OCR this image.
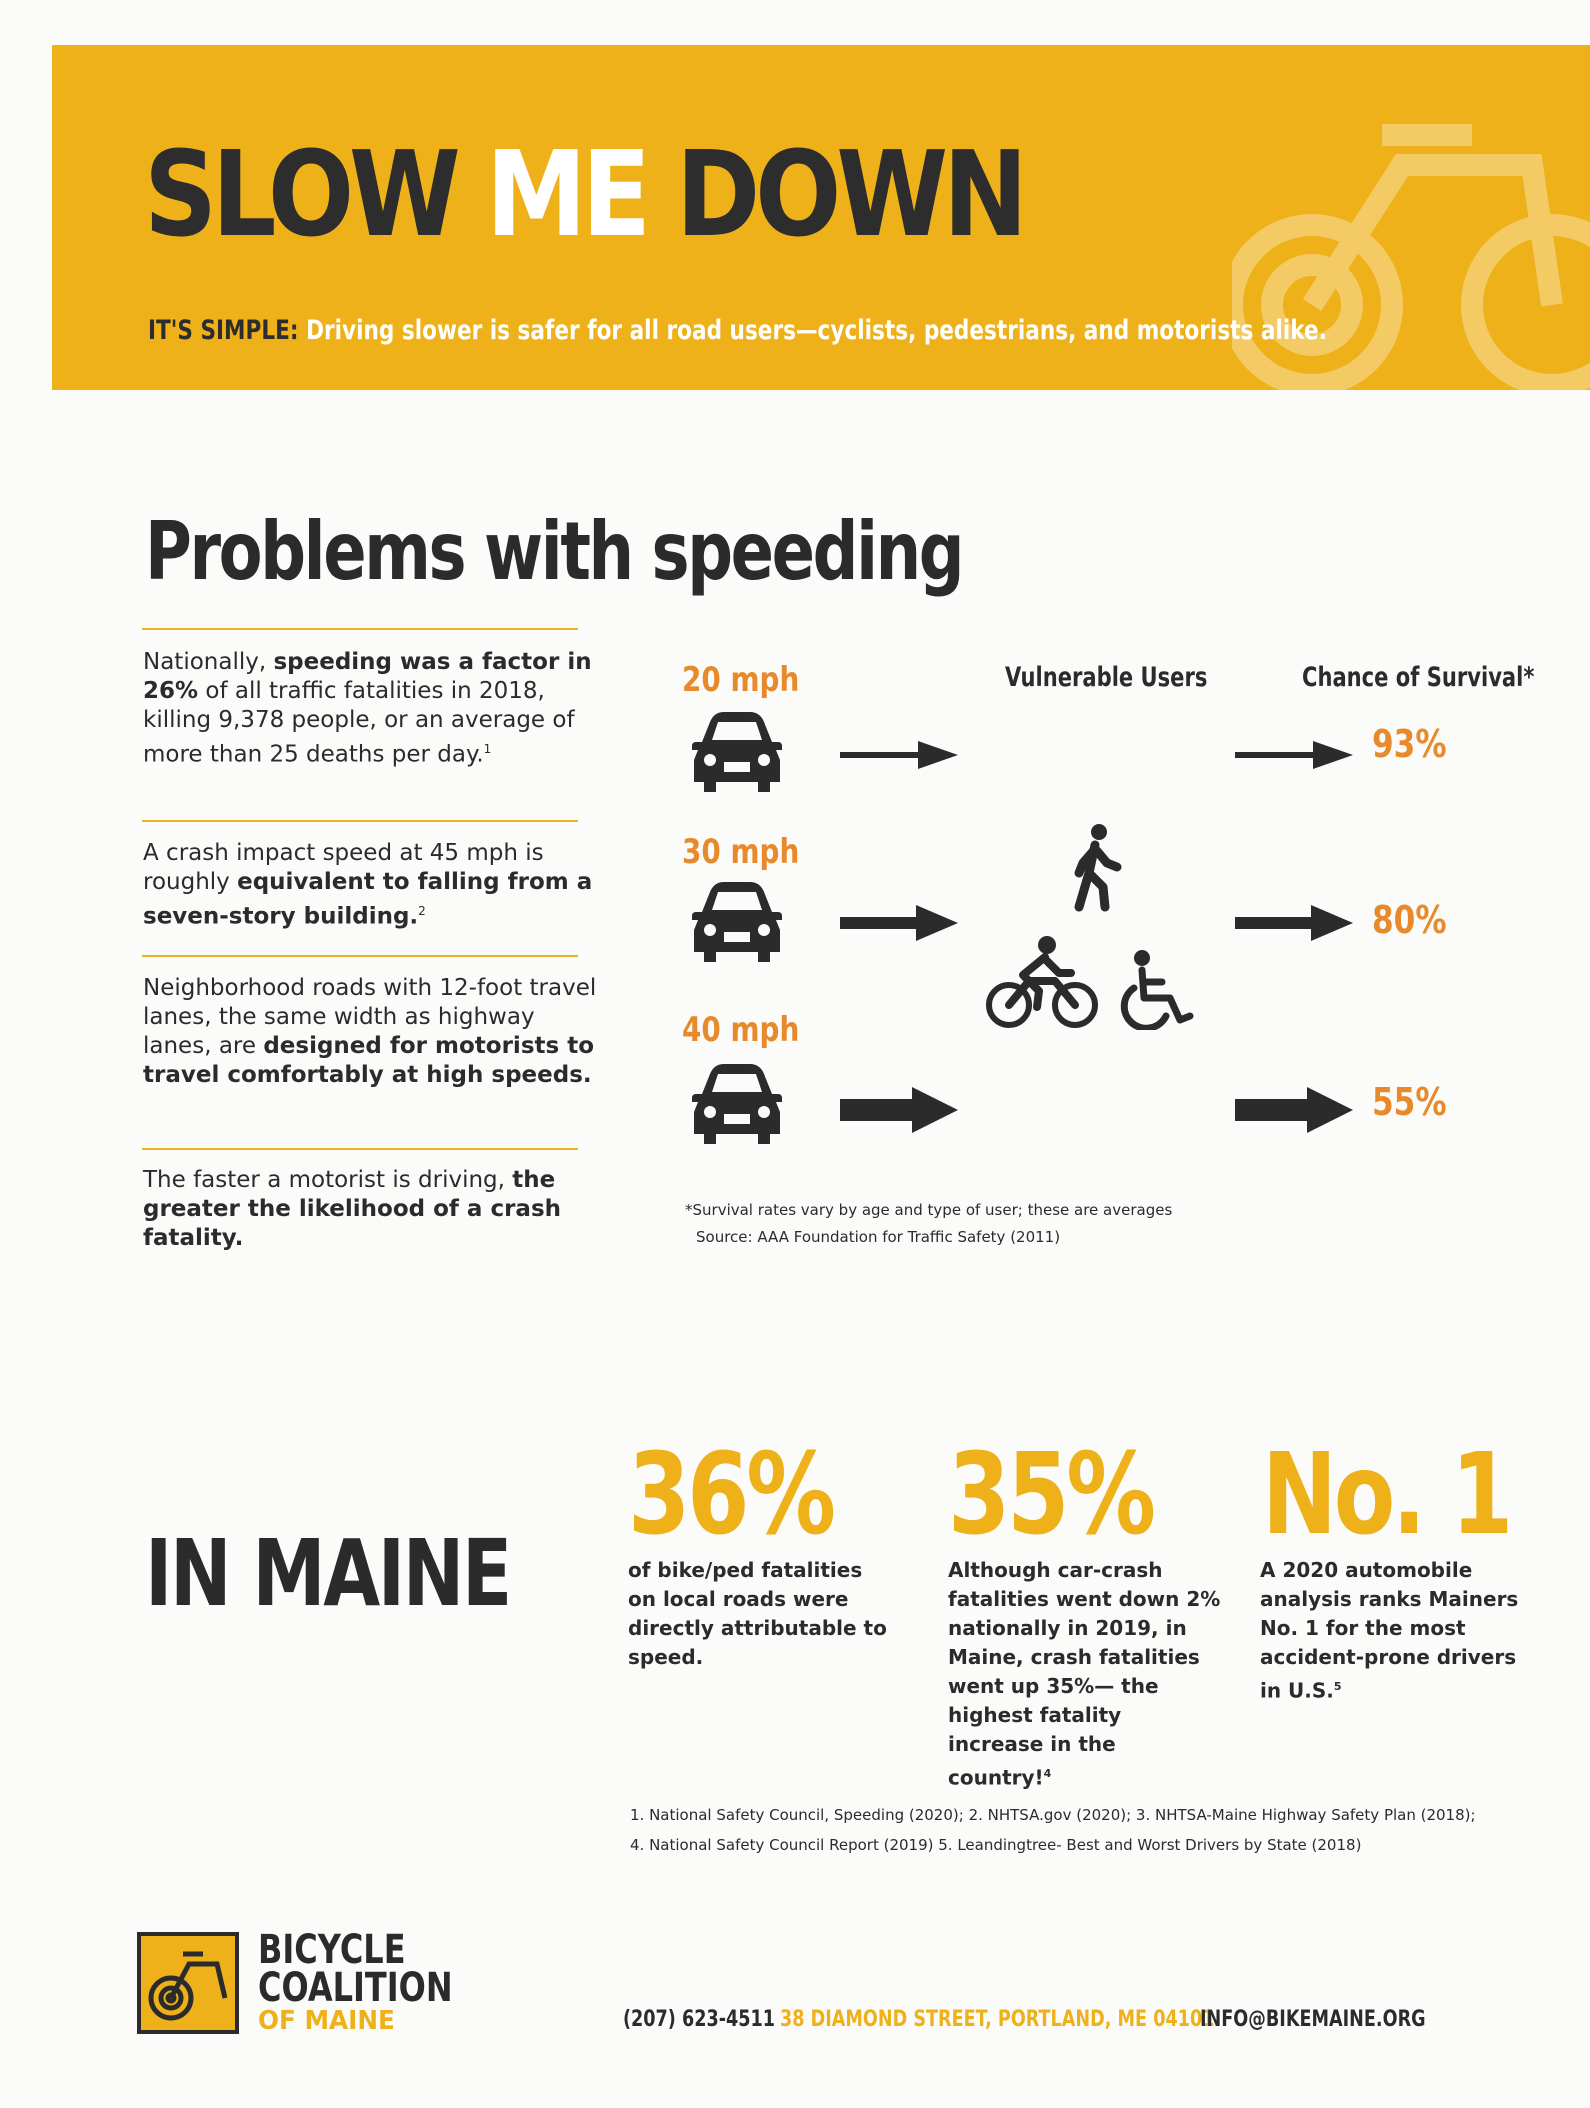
SLOW ME DOWN
IT'S SIMPLE: Driving slower is safer for all road users—cyclists, pedestrians, and motorists alike.
Problems with speeding
Nationally, speeding was a factor in 26% of all traffic fatalities in 2018, killing 9,378 people, or an average of more than 25 deaths per day.$^1$
A crash impact speed at 45 mph is roughly equivalent to falling from a seven-story building.$^2$
Neighborhood roads with 12-foot travel lanes, the same width as highway lanes, are designed for motorists to travel comfortably at high speeds.
The faster a motorist is driving, the greater the likelihood of a crash fatality.
Vulnerable Users	Chance of Survival*
20 mph
30 mph
40 mph
93%
80%
55%
*Survival rates vary by age and type of user; these are averages
Source: AAA Foundation for Traffic Safety (2011)
IN MAINE
36%
of bike/ped fatalities on local roads were directly attributable to speed.
35%
Although car-crash fatalities went down 2% nationally in 2019, in Maine, crash fatalities went up 35%— the highest fatality increase in the country!$^4$
No. 1
A 2020 automobile analysis ranks Mainers No. 1 for the most accident-prone drivers in U.S.$^5$
1. National Safety Council, Speeding (2020); 2. NHTSA.gov (2020); 3. NHTSA-Maine Highway Safety Plan (2018);
4. National Safety Council Report (2019) 5. Leandingtree- Best and Worst Drivers by State (2018)
BICYCLE
COALITION
OF MAINE	(207) 623-4511 38 DIAMOND STREET, PORTLAND, ME 04101
INFO@BIKEMAINE.ORG
